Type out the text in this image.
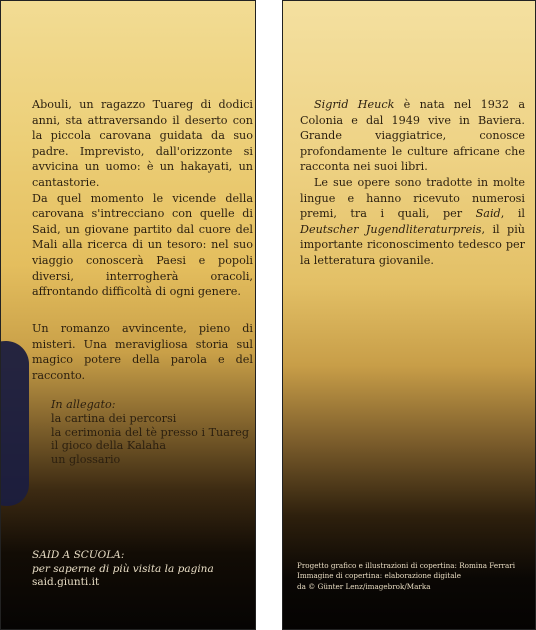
Abouli, un ragazzo Tuareg di dodici anni, sta attraversando il deserto con la piccola carovana guidata da suo padre. Imprevisto, dall'orizzonte si avvicina un uomo: è un hakayati, un cantastorie.

Da quel momento le vicende della carovana s'intrecciano con quelle di Said, un giovane partito dal cuore del Mali alla ricerca di un tesoro: nel suo viaggio conoscerà Paesi e popoli diversi, interrogherà oracoli, affrontando difficoltà di ogni genere.

Un romanzo avvincente, pieno di misteri. Una meravigliosa storia sul magico potere della parola e del racconto.

In allegato:
la cartina dei percorsi
la cerimonia del tè presso i Tuareg
il gioco della Kalaha
un glossario
SAID A SCUOLA:
per saperne di più visita la pagina
said.giunti.it

Sigrid Heuck è nata nel 1932 a Colonia e dal 1949 vive in Baviera. Grande viaggiatrice, conosce profondamente le culture africane che racconta nei suoi libri.

Le sue opere sono tradotte in molte lingue e hanno ricevuto numerosi premi, tra i quali, per Said, il Deutscher Jugendliteraturpreis, il più importante riconoscimento tedesco per la letteratura giovanile.

Progetto grafico e illustrazioni di copertina: Romina Ferrari
Immagine di copertina: elaborazione digitale
da © Günter Lenz/imagebrok/Marka
